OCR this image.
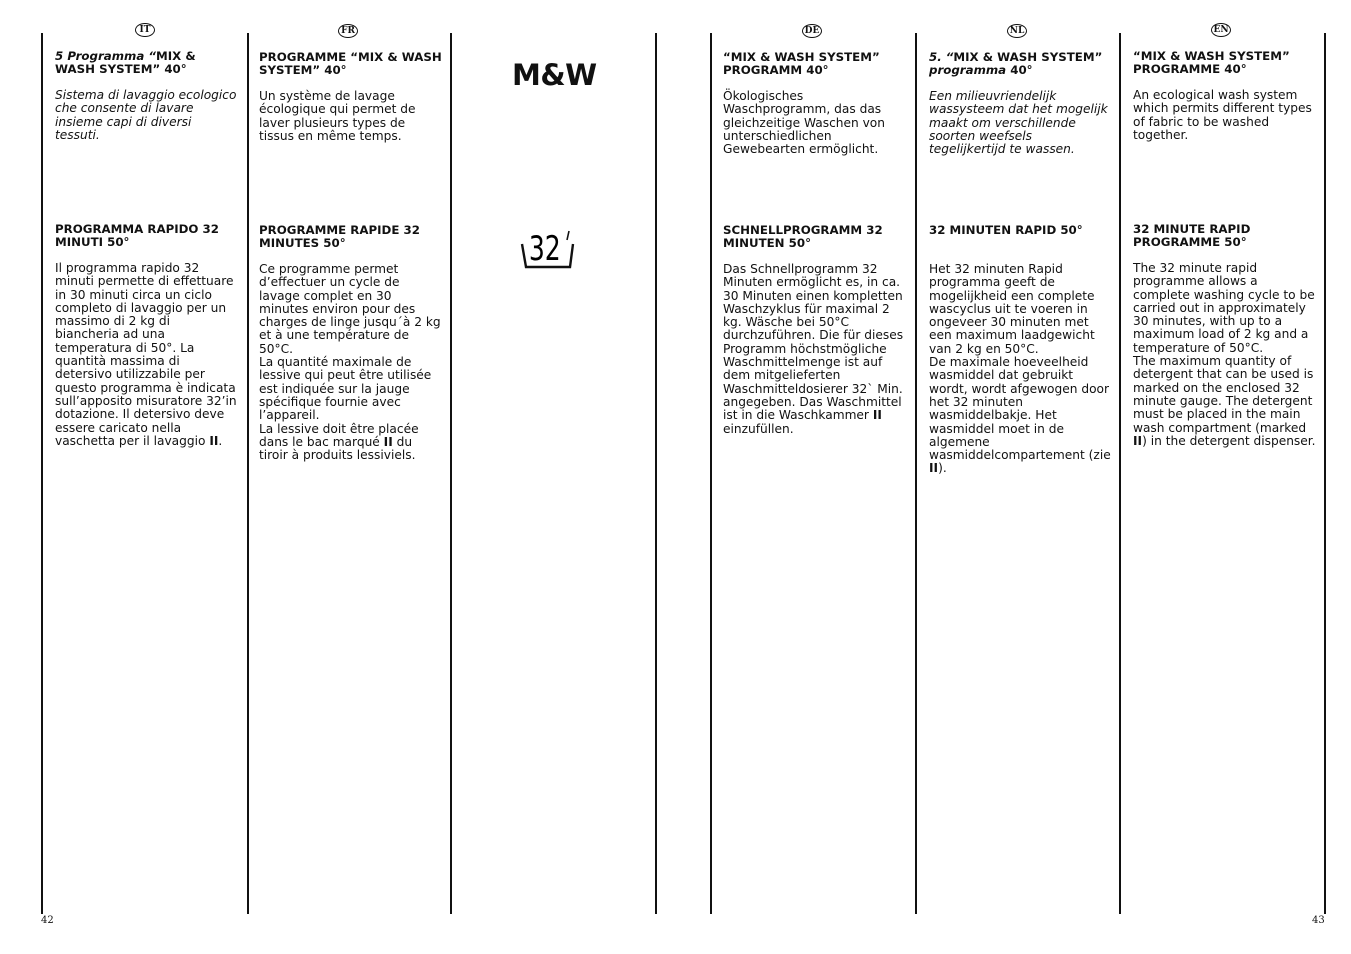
IT	FR	DE	NL	EN
M&W
32

5 Programma “MIX & WASH SYSTEM” 40°

Sistema di lavaggio ecologico che consente di lavare insieme capi di diversi tessuti.

PROGRAMMA RAPIDO 32 MINUTI 50°

Il programma rapido 32 minuti permette di effettuare in 30 minuti circa un ciclo completo di lavaggio per un massimo di 2 kg di biancheria ad una temperatura di 50°. La quantità massima di detersivo utilizzabile per questo programma è indicata sull’apposito misuratore 32’in dotazione. Il detersivo deve essere caricato nella vaschetta per il lavaggio II.

PROGRAMME “MIX & WASH SYSTEM” 40°

Un système de lavage écologique qui permet de laver plusieurs types de tissus en même temps.

PROGRAMME RAPIDE 32 MINUTES 50°

Ce programme permet d’effectuer un cycle de lavage complet en 30 minutes environ pour des charges de linge jusqu´à 2 kg et à une température de 50°C.

La quantité maximale de lessive qui peut être utilisée est indiquée sur la jauge spécifique fournie avec l’appareil.

La lessive doit être placée dans le bac marqué II du tiroir à produits lessiviels.

“MIX & WASH SYSTEM” PROGRAMM 40°

Ökologisches Waschprogramm, das das gleichzeitige Waschen von unterschiedlichen Gewebearten ermöglicht.

SCHNELLPROGRAMM 32 MINUTEN 50°

Das Schnellprogramm 32 Minuten ermöglicht es, in ca. 30 Minuten einen kompletten Waschzyklus für maximal 2 kg. Wäsche bei 50°C durchzuführen. Die für dieses Programm höchstmögliche Waschmittelmenge ist auf dem mitgelieferten Waschmitteldosierer 32` Min. angegeben. Das Waschmittel ist in die Waschkammer II einzufüllen.

5. “MIX & WASH SYSTEM”
programma 40°

Een milieuvriendelijk wassysteem dat het mogelijk maakt om verschillende soorten weefsels tegelijkertijd te wassen.

32 MINUTEN RAPID 50°

Het 32 minuten Rapid programma geeft de mogelijkheid een complete wascyclus uit te voeren in ongeveer 30 minuten met een maximum laadgewicht van 2 kg en 50°C.

De maximale hoeveelheid wasmiddel dat gebruikt wordt, wordt afgewogen door het 32 minuten wasmiddelbakje. Het wasmiddel moet in de algemene wasmiddelcompartement (zie II).

“MIX & WASH SYSTEM” PROGRAMME 40°

An ecological wash system which permits different types of fabric to be washed together.

32 MINUTE RAPID PROGRAMME 50°

The 32 minute rapid programme allows a complete washing cycle to be carried out in approximately 30 minutes, with up to a maximum load of 2 kg and a temperature of 50°C.

The maximum quantity of detergent that can be used is marked on the enclosed 32 minute gauge. The detergent must be placed in the main wash compartment (marked II) in the detergent dispenser.

42	43
